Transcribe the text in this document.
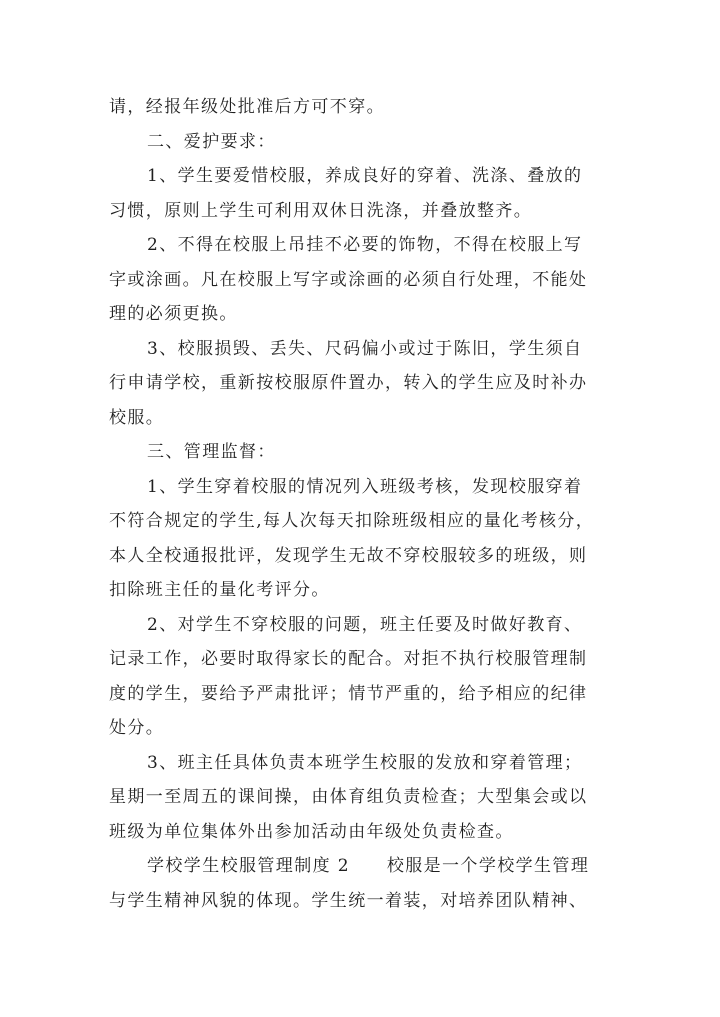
请，经报年级处批准后方可不穿。
二、爱护要求：
1、学生要爱惜校服，养成良好的穿着、洗涤、叠放的
习惯，原则上学生可利用双休日洗涤，并叠放整齐。
2、不得在校服上吊挂不必要的饰物，不得在校服上写
字或涂画。凡在校服上写字或涂画的必须自行处理，不能处
理的必须更换。
3、校服损毁、丢失、尺码偏小或过于陈旧，学生须自
行申请学校，重新按校服原件置办，转入的学生应及时补办
校服。
三、管理监督：
1、学生穿着校服的情况列入班级考核，发现校服穿着
不符合规定的学生,每人次每天扣除班级相应的量化考核分，
本人全校通报批评，发现学生无故不穿校服较多的班级，则
扣除班主任的量化考评分。
2、对学生不穿校服的问题，班主任要及时做好教育、
记录工作，必要时取得家长的配合。对拒不执行校服管理制
度的学生，要给予严肃批评；情节严重的，给予相应的纪律
处分。
3、班主任具体负责本班学生校服的发放和穿着管理；
星期一至周五的课间操，由体育组负责检查；大型集会或以
班级为单位集体外出参加活动由年级处负责检查。
学校学生校服管理制度 2　　校服是一个学校学生管理
与学生精神风貌的体现。学生统一着装，对培养团队精神、
